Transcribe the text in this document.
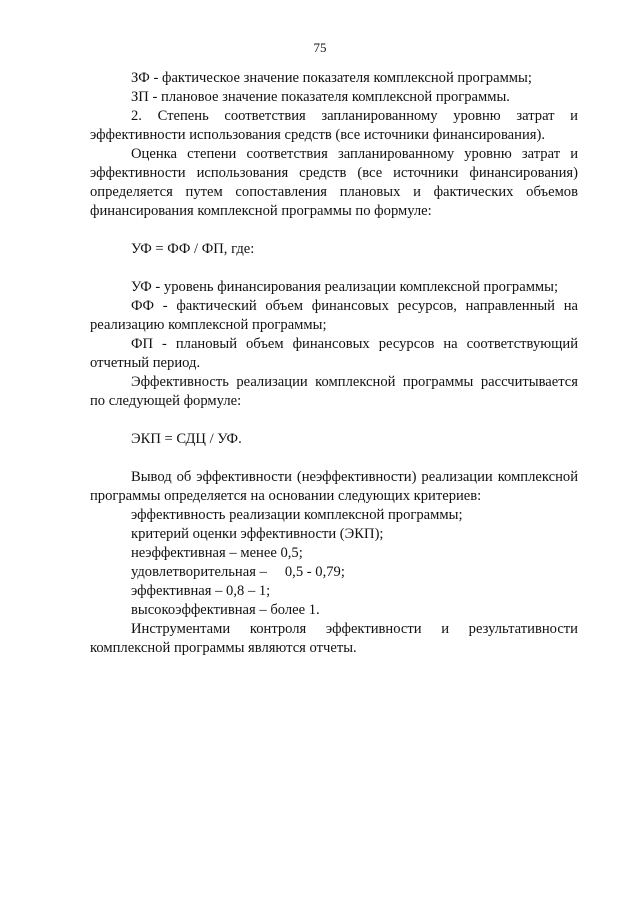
75

ЗФ - фактическое значение показателя комплексной программы;

ЗП - плановое значение показателя комплексной программы.

2. Степень соответствия запланированному уровню затрат и эффективности использования средств (все источники финансирования).

Оценка степени соответствия запланированному уровню затрат и эффективности использования средств (все источники финансирования) определяется путем сопоставления плановых и фактических объемов финансирования комплексной программы по формуле:

УФ = ФФ / ФП, где:

УФ - уровень финансирования реализации комплексной программы;

ФФ - фактический объем финансовых ресурсов, направленный на реализацию комплексной программы;

ФП - плановый объем финансовых ресурсов на соответствующий отчетный период.

Эффективность реализации комплексной программы рассчитывается по следующей формуле:

ЭКП = СДЦ / УФ.

Вывод об эффективности (неэффективности) реализации комплексной программы определяется на основании следующих критериев:

эффективность реализации комплексной программы;

критерий оценки эффективности (ЭКП);

неэффективная – менее 0,5;

удовлетворительная – 0,5 - 0,79;

эффективная – 0,8 – 1;

высокоэффективная – более 1.

Инструментами контроля эффективности и результативности комплексной программы являются отчеты.
